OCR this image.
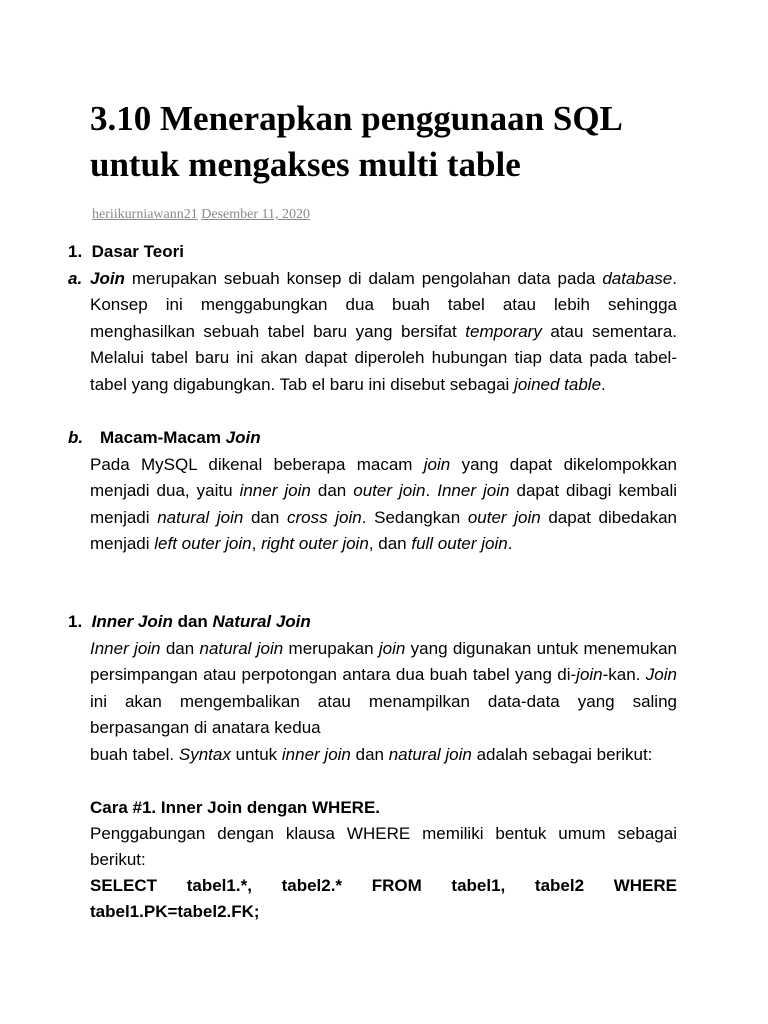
3.10 Menerapkan penggunaan SQL untuk mengakses multi table
heriikurniawann21 Desember 11, 2020
1. Dasar Teori
a. Join merupakan sebuah konsep di dalam pengolahan data pada database. Konsep ini menggabungkan dua buah tabel atau lebih sehingga menghasilkan sebuah tabel baru yang bersifat temporary atau sementara. Melalui tabel baru ini akan dapat diperoleh hubungan tiap data pada tabel-tabel yang digabungkan. Tab el baru ini disebut sebagai joined table.

b. Macam-Macam Join

Pada MySQL dikenal beberapa macam join yang dapat dikelompokkan menjadi dua, yaitu inner join dan outer join. Inner join dapat dibagi kembali menjadi natural join dan cross join. Sedangkan outer join dapat dibedakan menjadi left outer join, right outer join, dan full outer join.

1. Inner Join dan Natural Join

Inner join dan natural join merupakan join yang digunakan untuk menemukan persimpangan atau perpotongan antara dua buah tabel yang di-join-kan. Join ini akan mengembalikan atau menampilkan data-data yang saling berpasangan di anatara kedua

buah tabel. Syntax untuk inner join dan natural join adalah sebagai berikut:

Cara #1. Inner Join dengan WHERE.

Penggabungan dengan klausa WHERE memiliki bentuk umum sebagai berikut:

SELECT tabel1.*, tabel2.* FROM tabel1, tabel2 WHERE tabel1.PK=tabel2.FK;
